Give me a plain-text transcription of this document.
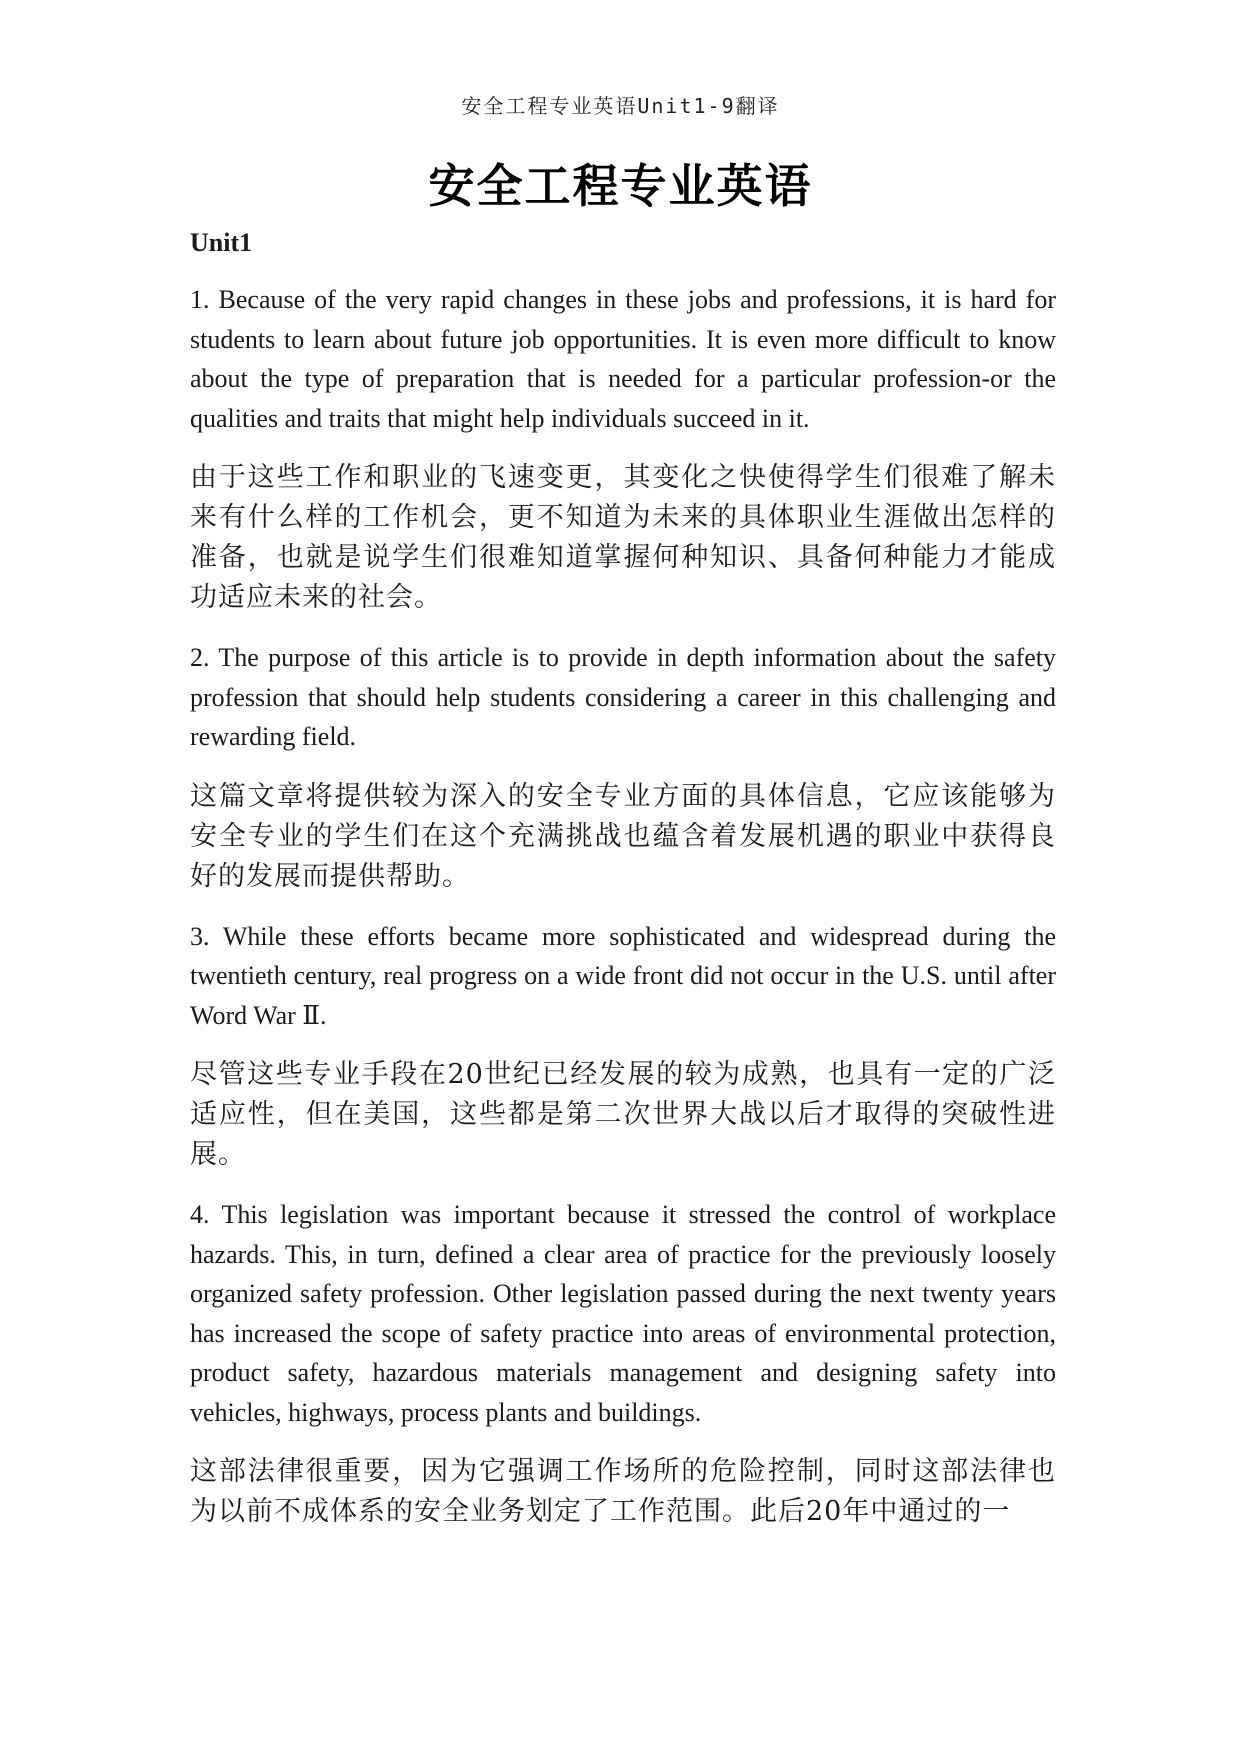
安全工程专业英语Unit1-9翻译
安全工程专业英语
Unit1

1. Because of the very rapid changes in these jobs and professions, it is hard for students to learn about future job opportunities. It is even more difficult to know about the type of preparation that is needed for a particular profession-or the qualities and traits that might help individuals succeed in it.

由于这些工作和职业的飞速变更，其变化之快使得学生们很难了解未来有什么样的工作机会，更不知道为未来的具体职业生涯做出怎样的准备，也就是说学生们很难知道掌握何种知识、具备何种能力才能成功适应未来的社会。

2. The purpose of this article is to provide in depth information about the safety profession that should help students considering a career in this challenging and rewarding field.

这篇文章将提供较为深入的安全专业方面的具体信息，它应该能够为安全专业的学生们在这个充满挑战也蕴含着发展机遇的职业中获得良好的发展而提供帮助。

3. While these efforts became more sophisticated and widespread during the twentieth century, real progress on a wide front did not occur in the U.S. until after Word War Ⅱ.

尽管这些专业手段在20世纪已经发展的较为成熟，也具有一定的广泛适应性，但在美国，这些都是第二次世界大战以后才取得的突破性进展。

4. This legislation was important because it stressed the control of workplace hazards. This, in turn, defined a clear area of practice for the previously loosely organized safety profession. Other legislation passed during the next twenty years has increased the scope of safety practice into areas of environmental protection, product safety, hazardous materials management and designing safety into vehicles, highways, process plants and buildings.

这部法律很重要，因为它强调工作场所的危险控制，同时这部法律也为以前不成体系的安全业务划定了工作范围。此后20年中通过的一
